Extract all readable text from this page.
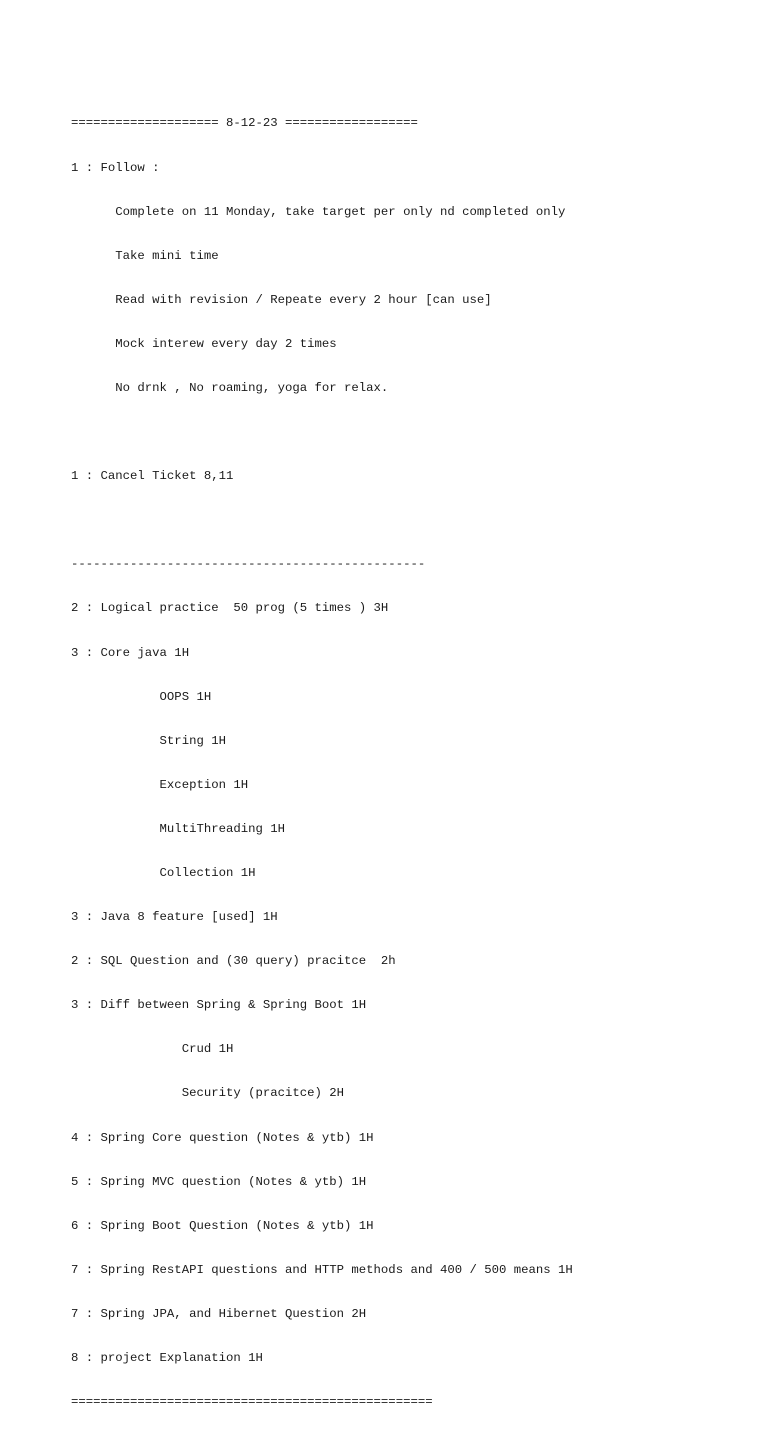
==================== 8-12-23 ==================

1 : Follow :

Complete on 11 Monday, take target per only nd completed only

Take mini time

Read with revision / Repeate every 2 hour [can use]

Mock interew every day 2 times

No drnk , No roaming, yoga for relax.

1 : Cancel Ticket 8,11

------------------------------------------------

2 : Logical practice  50 prog (5 times ) 3H

3 : Core java 1H

OOPS 1H

String 1H

Exception 1H

MultiThreading 1H

Collection 1H

3 : Java 8 feature [used] 1H

2 : SQL Question and (30 query) pracitce  2h

3 : Diff between Spring & Spring Boot 1H

Crud 1H

Security (pracitce) 2H

4 : Spring Core question (Notes & ytb) 1H

5 : Spring MVC question (Notes & ytb) 1H

6 : Spring Boot Question (Notes & ytb) 1H

7 : Spring RestAPI questions and HTTP methods and 400 / 500 means 1H

7 : Spring JPA, and Hibernet Question 2H

8 : project Explanation 1H

=================================================
